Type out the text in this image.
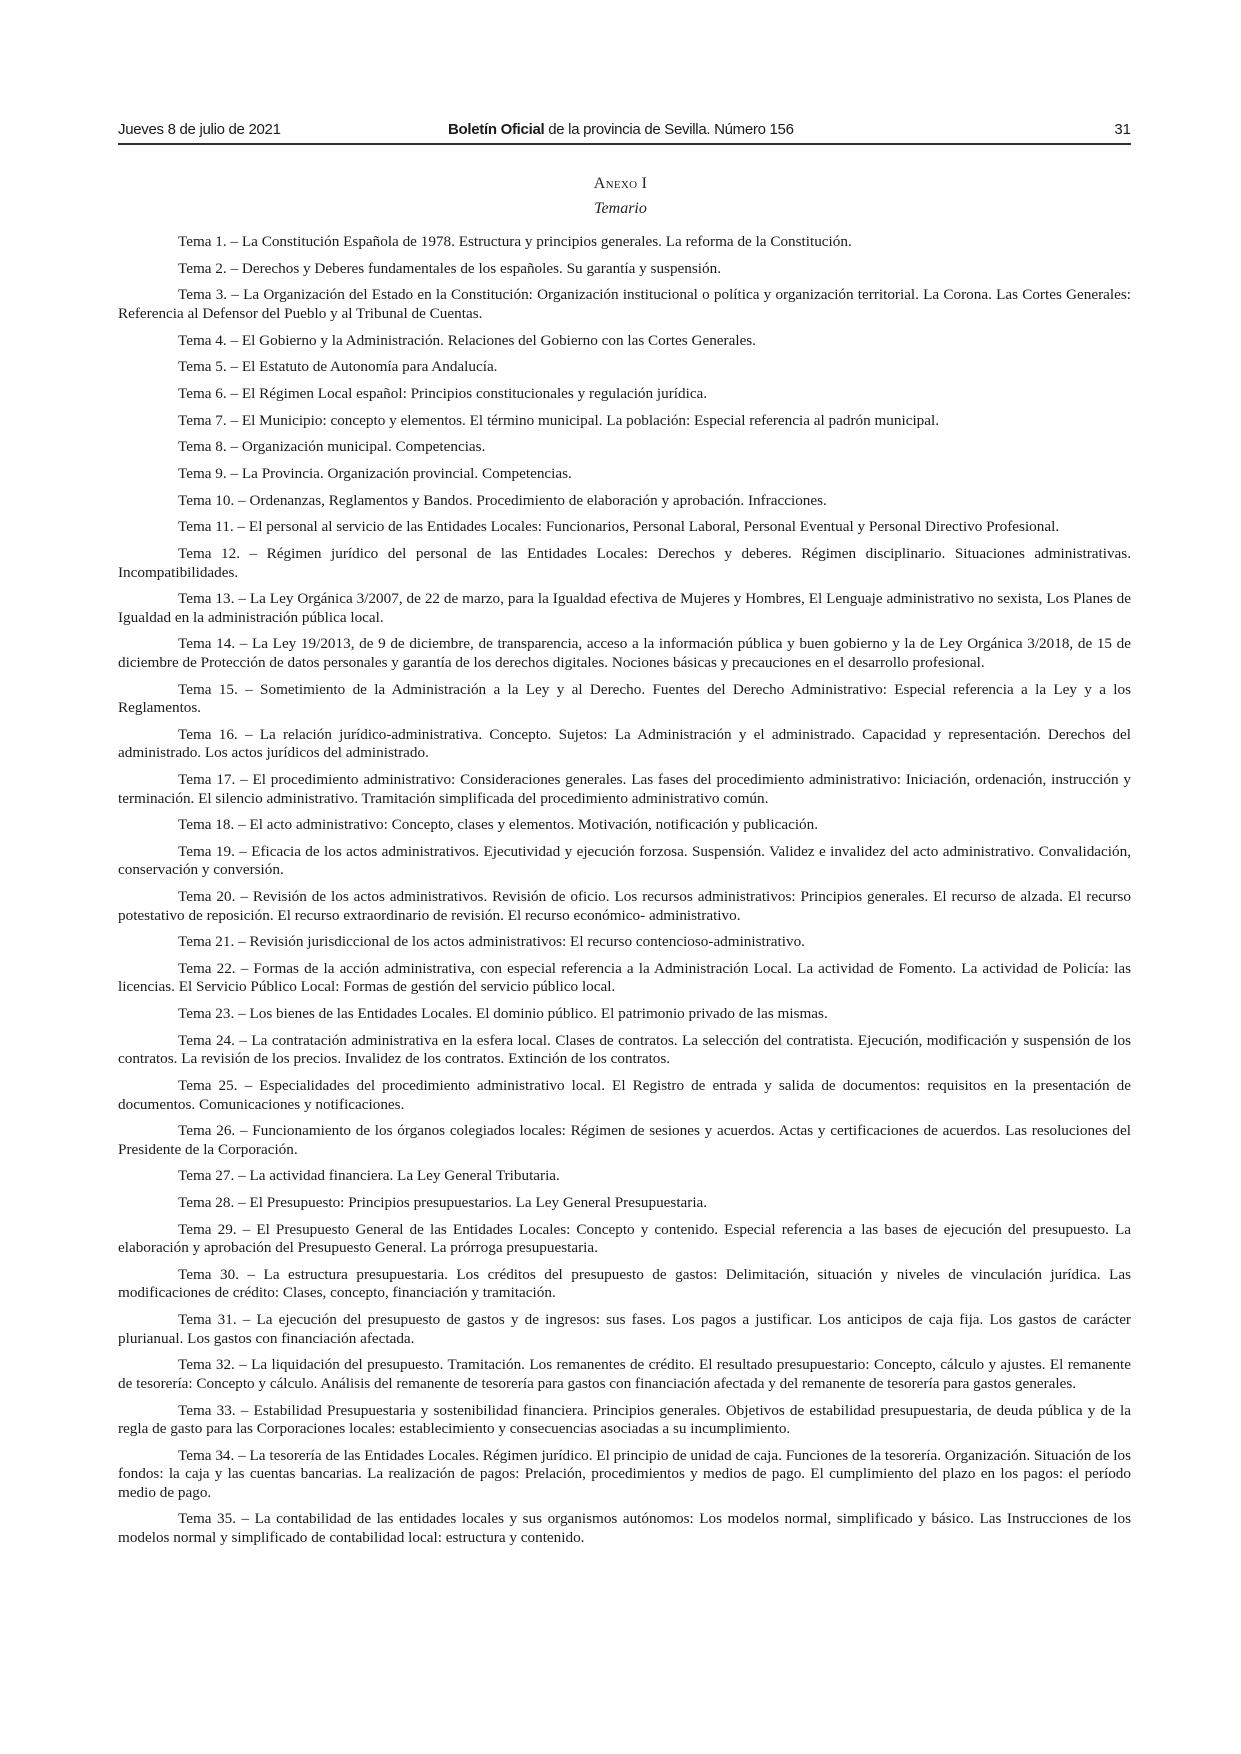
Jueves 8 de julio de 2021	Boletín Oficial de la provincia de Sevilla. Número 156	31
Anexo I
Temario

Tema 1. – La Constitución Española de 1978. Estructura y principios generales. La reforma de la Constitución.

Tema 2. – Derechos y Deberes fundamentales de los españoles. Su garantía y suspensión.

Tema 3. – La Organización del Estado en la Constitución: Organización institucional o política y organización territorial. La Corona. Las Cortes Generales: Referencia al Defensor del Pueblo y al Tribunal de Cuentas.

Tema 4. – El Gobierno y la Administración. Relaciones del Gobierno con las Cortes Generales.

Tema 5. – El Estatuto de Autonomía para Andalucía.

Tema 6. – El Régimen Local español: Principios constitucionales y regulación jurídica.

Tema 7. – El Municipio: concepto y elementos. El término municipal. La población: Especial referencia al padrón municipal.

Tema 8. – Organización municipal. Competencias.

Tema 9. – La Provincia. Organización provincial. Competencias.

Tema 10. – Ordenanzas, Reglamentos y Bandos. Procedimiento de elaboración y aprobación. Infracciones.

Tema 11. – El personal al servicio de las Entidades Locales: Funcionarios, Personal Laboral, Personal Eventual y Personal Directivo Profesional.

Tema 12. – Régimen jurídico del personal de las Entidades Locales: Derechos y deberes. Régimen disciplinario. Situaciones administrativas. Incompatibilidades.

Tema 13. – La Ley Orgánica 3/2007, de 22 de marzo, para la Igualdad efectiva de Mujeres y Hombres, El Lenguaje administrativo no sexista, Los Planes de Igualdad en la administración pública local.

Tema 14. – La Ley 19/2013, de 9 de diciembre, de transparencia, acceso a la información pública y buen gobierno y la de Ley Orgánica 3/2018, de 15 de diciembre de Protección de datos personales y garantía de los derechos digitales. Nociones básicas y precauciones en el desarrollo profesional.

Tema 15. – Sometimiento de la Administración a la Ley y al Derecho. Fuentes del Derecho Administrativo: Especial referencia a la Ley y a los Reglamentos.

Tema 16. – La relación jurídico-administrativa. Concepto. Sujetos: La Administración y el administrado. Capacidad y representación. Derechos del administrado. Los actos jurídicos del administrado.

Tema 17. – El procedimiento administrativo: Consideraciones generales. Las fases del procedimiento administrativo: Iniciación, ordenación, instrucción y terminación. El silencio administrativo. Tramitación simplificada del procedimiento administrativo común.

Tema 18. – El acto administrativo: Concepto, clases y elementos. Motivación, notificación y publicación.

Tema 19. – Eficacia de los actos administrativos. Ejecutividad y ejecución forzosa. Suspensión. Validez e invalidez del acto administrativo. Convalidación, conservación y conversión.

Tema 20. – Revisión de los actos administrativos. Revisión de oficio. Los recursos administrativos: Principios generales. El recurso de alzada. El recurso potestativo de reposición. El recurso extraordinario de revisión. El recurso económico- administrativo.

Tema 21. – Revisión jurisdiccional de los actos administrativos: El recurso contencioso-administrativo.

Tema 22. – Formas de la acción administrativa, con especial referencia a la Administración Local. La actividad de Fomento. La actividad de Policía: las licencias. El Servicio Público Local: Formas de gestión del servicio público local.

Tema 23. – Los bienes de las Entidades Locales. El dominio público. El patrimonio privado de las mismas.

Tema 24. – La contratación administrativa en la esfera local. Clases de contratos. La selección del contratista. Ejecución, modificación y suspensión de los contratos. La revisión de los precios. Invalidez de los contratos. Extinción de los contratos.

Tema 25. – Especialidades del procedimiento administrativo local. El Registro de entrada y salida de documentos: requisitos en la presentación de documentos. Comunicaciones y notificaciones.

Tema 26. – Funcionamiento de los órganos colegiados locales: Régimen de sesiones y acuerdos. Actas y certificaciones de acuerdos. Las resoluciones del Presidente de la Corporación.

Tema 27. – La actividad financiera. La Ley General Tributaria.

Tema 28. – El Presupuesto: Principios presupuestarios. La Ley General Presupuestaria.

Tema 29. – El Presupuesto General de las Entidades Locales: Concepto y contenido. Especial referencia a las bases de ejecución del presupuesto. La elaboración y aprobación del Presupuesto General. La prórroga presupuestaria.

Tema 30. – La estructura presupuestaria. Los créditos del presupuesto de gastos: Delimitación, situación y niveles de vinculación jurídica. Las modificaciones de crédito: Clases, concepto, financiación y tramitación.

Tema 31. – La ejecución del presupuesto de gastos y de ingresos: sus fases. Los pagos a justificar. Los anticipos de caja fija. Los gastos de carácter plurianual. Los gastos con financiación afectada.

Tema 32. – La liquidación del presupuesto. Tramitación. Los remanentes de crédito. El resultado presupuestario: Concepto, cálculo y ajustes. El remanente de tesorería: Concepto y cálculo. Análisis del remanente de tesorería para gastos con financiación afectada y del remanente de tesorería para gastos generales.

Tema 33. – Estabilidad Presupuestaria y sostenibilidad financiera. Principios generales. Objetivos de estabilidad presupuestaria, de deuda pública y de la regla de gasto para las Corporaciones locales: establecimiento y consecuencias asociadas a su incumplimiento.

Tema 34. – La tesorería de las Entidades Locales. Régimen jurídico. El principio de unidad de caja. Funciones de la tesorería. Organización. Situación de los fondos: la caja y las cuentas bancarias. La realización de pagos: Prelación, procedimientos y medios de pago. El cumplimiento del plazo en los pagos: el período medio de pago.

Tema 35. – La contabilidad de las entidades locales y sus organismos autónomos: Los modelos normal, simplificado y básico. Las Instrucciones de los modelos normal y simplificado de contabilidad local: estructura y contenido.
